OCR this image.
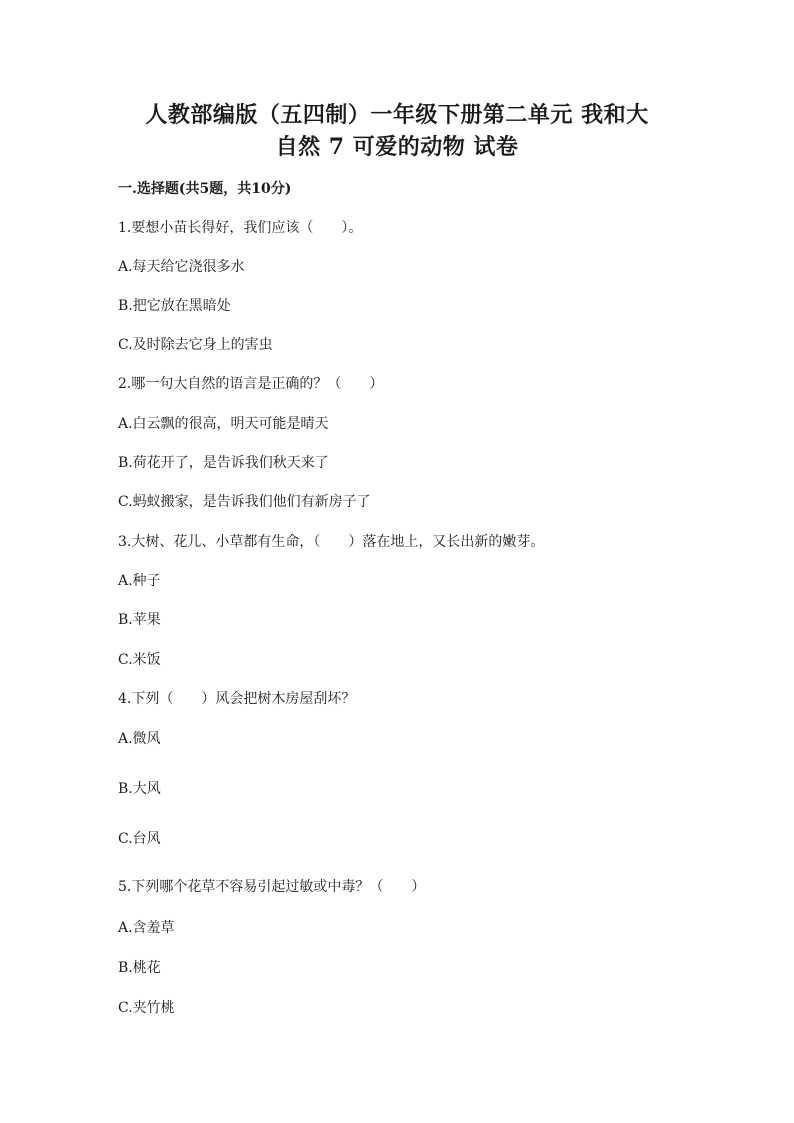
人教部编版（五四制）一年级下册第二单元 我和大
自然 7 可爱的动物 试卷
一.选择题(共5题，共10分)
1.要想小苗长得好，我们应该（　　）。
A.每天给它浇很多水
B.把它放在黑暗处
C.及时除去它身上的害虫
2.哪一句大自然的语言是正确的？（　　）
A.白云飘的很高，明天可能是晴天
B.荷花开了，是告诉我们秋天来了
C.蚂蚁搬家，是告诉我们他们有新房子了
3.大树、花儿、小草都有生命，（　　）落在地上，又长出新的嫩芽。
A.种子
B.苹果
C.米饭
4.下列（　　）风会把树木房屋刮坏？
A.微风
B.大风
C.台风
5.下列哪个花草不容易引起过敏或中毒？（　　）
A.含羞草
B.桃花
C.夹竹桃
